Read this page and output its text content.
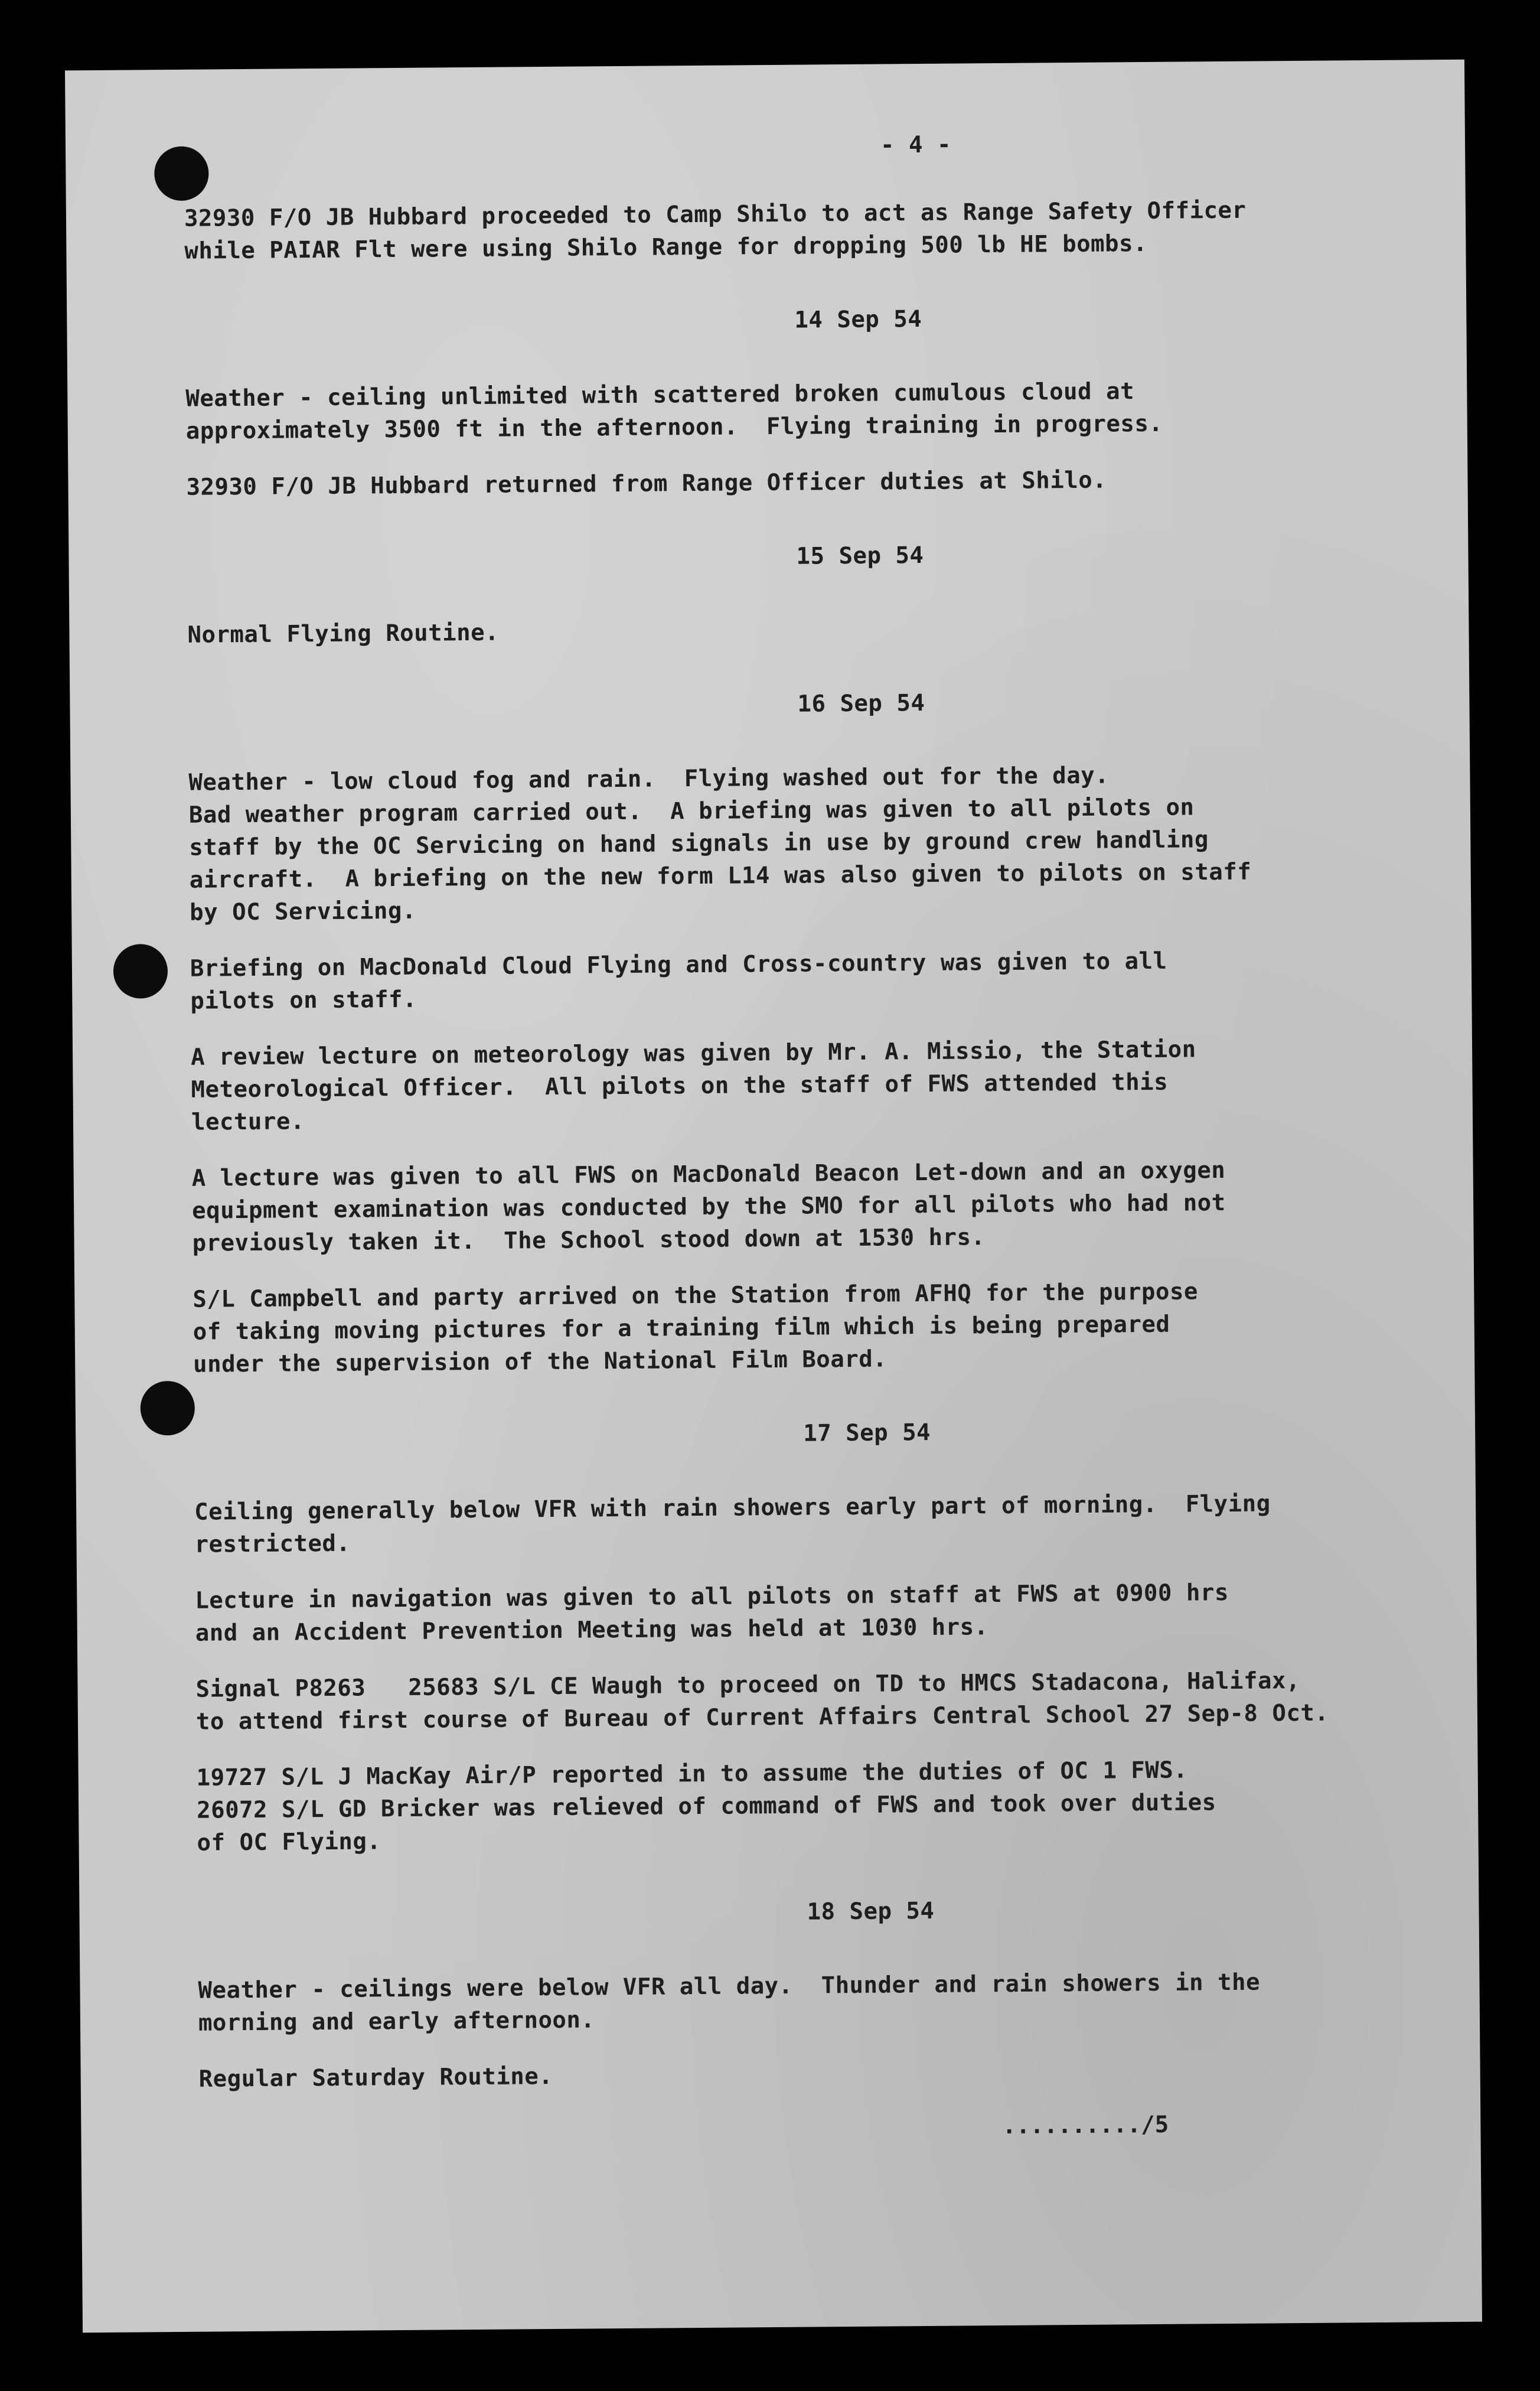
- 4 -
32930 F/O JB Hubbard proceeded to Camp Shilo to act as Range Safety Officer
while PAIAR Flt were using Shilo Range for dropping 500 lb HE bombs.
14 Sep 54
Weather - ceiling unlimited with scattered broken cumulous cloud at
approximately 3500 ft in the afternoon.  Flying training in progress.
32930 F/O JB Hubbard returned from Range Officer duties at Shilo.
15 Sep 54
Normal Flying Routine.
16 Sep 54
Weather - low cloud fog and rain.  Flying washed out for the day.
Bad weather program carried out.  A briefing was given to all pilots on
staff by the OC Servicing on hand signals in use by ground crew handling
aircraft.  A briefing on the new form L14 was also given to pilots on staff
by OC Servicing.
Briefing on MacDonald Cloud Flying and Cross-country was given to all
pilots on staff.
A review lecture on meteorology was given by Mr. A. Missio, the Station
Meteorological Officer.  All pilots on the staff of FWS attended this
lecture.
A lecture was given to all FWS on MacDonald Beacon Let-down and an oxygen
equipment examination was conducted by the SMO for all pilots who had not
previously taken it.  The School stood down at 1530 hrs.
S/L Campbell and party arrived on the Station from AFHQ for the purpose
of taking moving pictures for a training film which is being prepared
under the supervision of the National Film Board.
17 Sep 54
Ceiling generally below VFR with rain showers early part of morning.  Flying
restricted.
Lecture in navigation was given to all pilots on staff at FWS at 0900 hrs
and an Accident Prevention Meeting was held at 1030 hrs.
Signal P8263   25683 S/L CE Waugh to proceed on TD to HMCS Stadacona, Halifax,
to attend first course of Bureau of Current Affairs Central School 27 Sep-8 Oct.
19727 S/L J MacKay Air/P reported in to assume the duties of OC 1 FWS.
26072 S/L GD Bricker was relieved of command of FWS and took over duties
of OC Flying.
18 Sep 54
Weather - ceilings were below VFR all day.  Thunder and rain showers in the
morning and early afternoon.
Regular Saturday Routine.
........../5
